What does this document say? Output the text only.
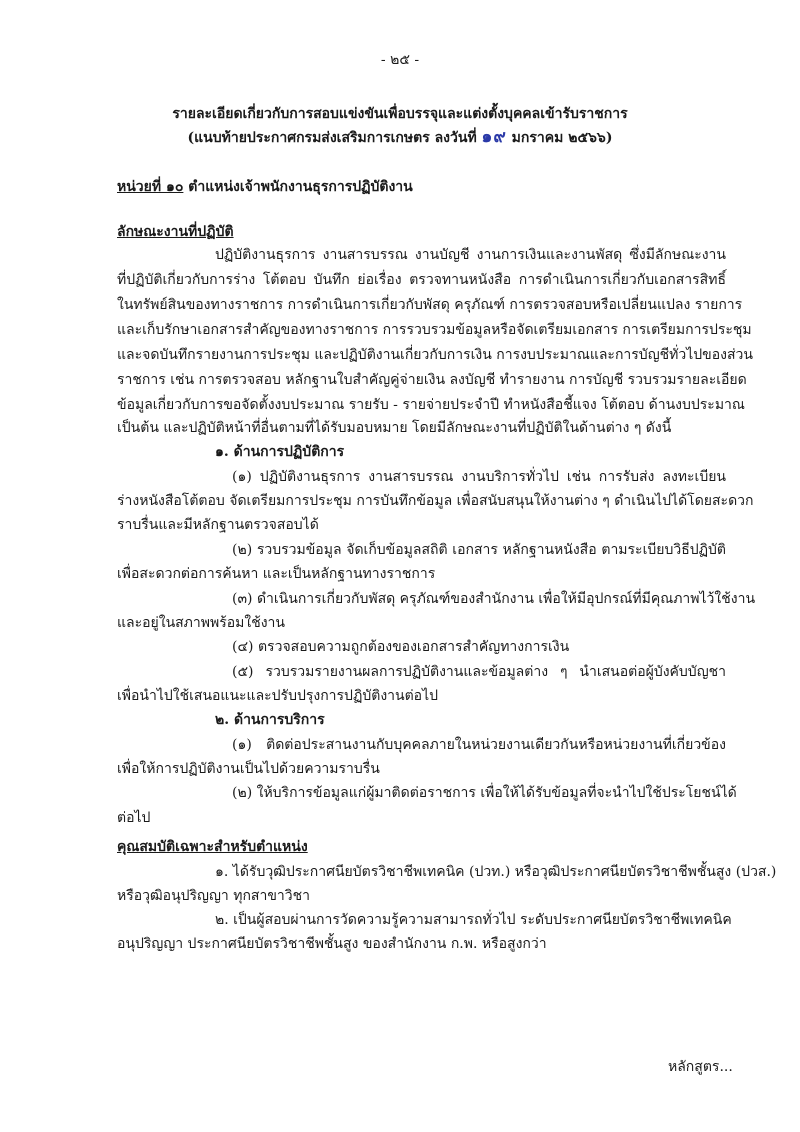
- ๒๕ -
รายละเอียดเกี่ยวกับการสอบแข่งขันเพื่อบรรจุและแต่งตั้งบุคคลเข้ารับราชการ
(แนบท้ายประกาศกรมส่งเสริมการเกษตร ลงวันที่ ๑๙ มกราคม ๒๕๖๖)
หน่วยที่ ๑๐ ตำแหน่งเจ้าพนักงานธุรการปฏิบัติงาน
ลักษณะงานที่ปฏิบัติ
ปฏิบัติงานธุรการ งานสารบรรณ งานบัญชี งานการเงินและงานพัสดุ ซึ่งมีลักษณะงาน
ที่ปฏิบัติเกี่ยวกับการร่าง โต้ตอบ บันทึก ย่อเรื่อง ตรวจทานหนังสือ การดำเนินการเกี่ยวกับเอกสารสิทธิ์
ในทรัพย์สินของทางราชการ การดำเนินการเกี่ยวกับพัสดุ ครุภัณฑ์ การตรวจสอบหรือเปลี่ยนแปลง รายการ
และเก็บรักษาเอกสารสำคัญของทางราชการ การรวบรวมข้อมูลหรือจัดเตรียมเอกสาร การเตรียมการประชุม
และจดบันทึกรายงานการประชุม และปฏิบัติงานเกี่ยวกับการเงิน การงบประมาณและการบัญชีทั่วไปของส่วน
ราชการ เช่น การตรวจสอบ หลักฐานใบสำคัญคู่จ่ายเงิน ลงบัญชี ทำรายงาน การบัญชี รวบรวมรายละเอียด
ข้อมูลเกี่ยวกับการขอจัดตั้งงบประมาณ รายรับ - รายจ่ายประจำปี ทำหนังสือชี้แจง โต้ตอบ ด้านงบประมาณ
เป็นต้น และปฏิบัติหน้าที่อื่นตามที่ได้รับมอบหมาย โดยมีลักษณะงานที่ปฏิบัติในด้านต่าง ๆ ดังนี้
๑. ด้านการปฏิบัติการ
(๑) ปฏิบัติงานธุรการ งานสารบรรณ งานบริการทั่วไป เช่น การรับส่ง ลงทะเบียน
ร่างหนังสือโต้ตอบ จัดเตรียมการประชุม การบันทึกข้อมูล เพื่อสนับสนุนให้งานต่าง ๆ ดำเนินไปได้โดยสะดวก
ราบรื่นและมีหลักฐานตรวจสอบได้
(๒) รวบรวมข้อมูล จัดเก็บข้อมูลสถิติ เอกสาร หลักฐานหนังสือ ตามระเบียบวิธีปฏิบัติ
เพื่อสะดวกต่อการค้นหา และเป็นหลักฐานทางราชการ
(๓) ดำเนินการเกี่ยวกับพัสดุ ครุภัณฑ์ของสำนักงาน เพื่อให้มีอุปกรณ์ที่มีคุณภาพไว้ใช้งาน
และอยู่ในสภาพพร้อมใช้งาน
(๔) ตรวจสอบความถูกต้องของเอกสารสำคัญทางการเงิน
(๕) รวบรวมรายงานผลการปฏิบัติงานและข้อมูลต่าง ๆ นำเสนอต่อผู้บังคับบัญชา
เพื่อนำไปใช้เสนอแนะและปรับปรุงการปฏิบัติงานต่อไป
๒. ด้านการบริการ
(๑) ติดต่อประสานงานกับบุคคลภายในหน่วยงานเดียวกันหรือหน่วยงานที่เกี่ยวข้อง
เพื่อให้การปฏิบัติงานเป็นไปด้วยความราบรื่น
(๒) ให้บริการข้อมูลแก่ผู้มาติดต่อราชการ เพื่อให้ได้รับข้อมูลที่จะนำไปใช้ประโยชน์ได้
ต่อไป
คุณสมบัติเฉพาะสำหรับตำแหน่ง
๑. ได้รับวุฒิประกาศนียบัตรวิชาชีพเทคนิค (ปวท.) หรือวุฒิประกาศนียบัตรวิชาชีพชั้นสูง (ปวส.)
หรือวุฒิอนุปริญญา ทุกสาขาวิชา
๒. เป็นผู้สอบผ่านการวัดความรู้ความสามารถทั่วไป ระดับประกาศนียบัตรวิชาชีพเทคนิค
อนุปริญญา ประกาศนียบัตรวิชาชีพชั้นสูง ของสำนักงาน ก.พ. หรือสูงกว่า
หลักสูตร...
